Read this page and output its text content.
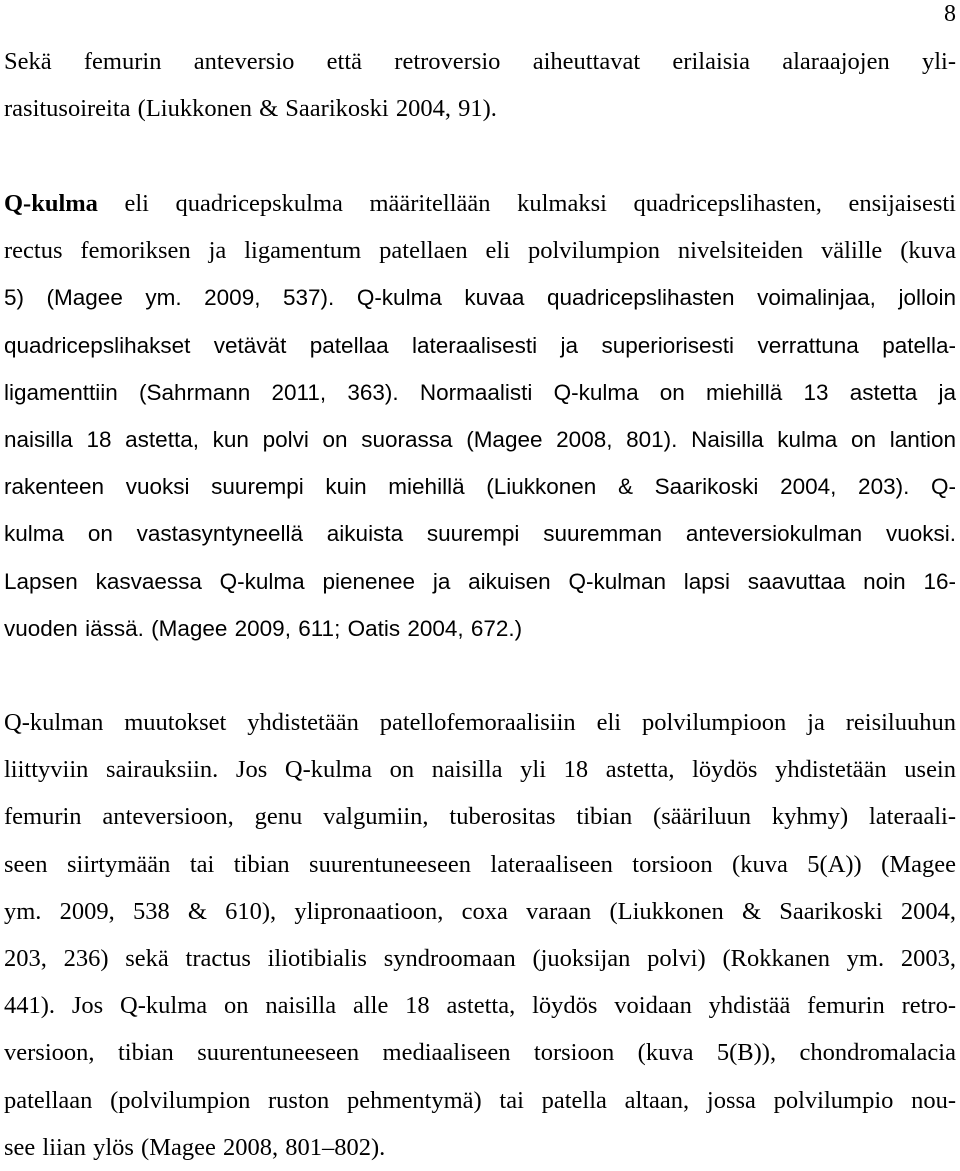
8
Sekä femurin anteversio että retroversio aiheuttavat erilaisia alaraajojen yli-
rasitusoireita (Liukkonen & Saarikoski 2004, 91).
Q-kulma eli quadricepskulma määritellään kulmaksi quadricepslihasten, ensijaisesti
rectus femoriksen ja ligamentum patellaen eli polvilumpion nivelsiteiden välille (kuva
5) (Magee ym. 2009, 537). Q-kulma kuvaa quadricepslihasten voimalinjaa, jolloin
quadricepslihakset vetävät patellaa lateraalisesti ja superiorisesti verrattuna patella-
ligamenttiin (Sahrmann 2011, 363). Normaalisti Q-kulma on miehillä 13 astetta ja
naisilla 18 astetta, kun polvi on suorassa (Magee 2008, 801). Naisilla kulma on lantion
rakenteen vuoksi suurempi kuin miehillä (Liukkonen & Saarikoski 2004, 203). Q-
kulma on vastasyntyneellä aikuista suurempi suuremman anteversiokulman vuoksi.
Lapsen kasvaessa Q-kulma pienenee ja aikuisen Q-kulman lapsi saavuttaa noin 16-
vuoden iässä. (Magee 2009, 611; Oatis 2004, 672.)
Q-kulman muutokset yhdistetään patellofemoraalisiin eli polvilumpioon ja reisiluuhun
liittyviin sairauksiin. Jos Q-kulma on naisilla yli 18 astetta, löydös yhdistetään usein
femurin anteversioon, genu valgumiin, tuberositas tibian (sääriluun kyhmy) lateraali-
seen siirtymään tai tibian suurentuneeseen lateraaliseen torsioon (kuva 5(A)) (Magee
ym. 2009, 538 & 610), ylipronaatioon, coxa varaan (Liukkonen & Saarikoski 2004,
203, 236) sekä tractus iliotibialis syndroomaan (juoksijan polvi) (Rokkanen ym. 2003,
441). Jos Q-kulma on naisilla alle 18 astetta, löydös voidaan yhdistää femurin retro-
versioon, tibian suurentuneeseen mediaaliseen torsioon (kuva 5(B)), chondromalacia
patellaan (polvilumpion ruston pehmentymä) tai patella altaan, jossa polvilumpio nou-
see liian ylös (Magee 2008, 801–802).
